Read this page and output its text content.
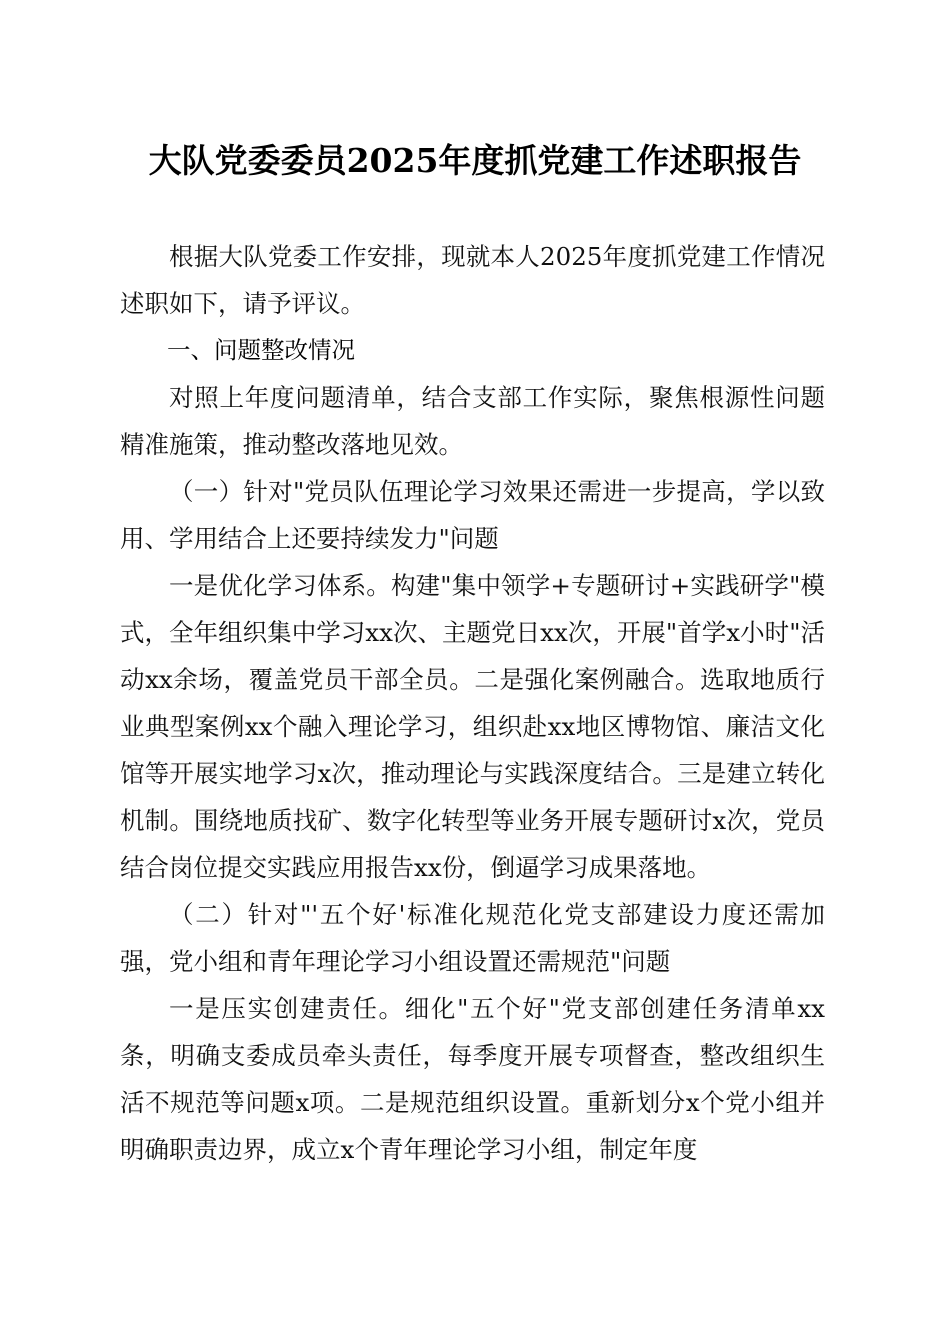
大队党委委员2025年度抓党建工作述职报告

根据大队党委工作安排，现就本人2025年度抓党建工作情况述职如下，请予评议。

一、问题整改情况

对照上年度问题清单，结合支部工作实际，聚焦根源性问题精准施策，推动整改落地见效。

（一）针对"党员队伍理论学习效果还需进一步提高，学以致用、学用结合上还要持续发力"问题

一是优化学习体系。构建"集中领学+专题研讨+实践研学"模式，全年组织集中学习xx次、主题党日xx次，开展"首学x小时"活动xx余场，覆盖党员干部全员。二是强化案例融合。选取地质行业典型案例xx个融入理论学习，组织赴xx地区博物馆、廉洁文化馆等开展实地学习x次，推动理论与实践深度结合。三是建立转化机制。围绕地质找矿、数字化转型等业务开展专题研讨x次，党员结合岗位提交实践应用报告xx份，倒逼学习成果落地。

（二）针对"'五个好'标准化规范化党支部建设力度还需加强，党小组和青年理论学习小组设置还需规范"问题

一是压实创建责任。细化"五个好"党支部创建任务清单xx条，明确支委成员牵头责任，每季度开展专项督查，整改组织生活不规范等问题x项。二是规范组织设置。重新划分x个党小组并明确职责边界，成立x个青年理论学习小组，制定年度
